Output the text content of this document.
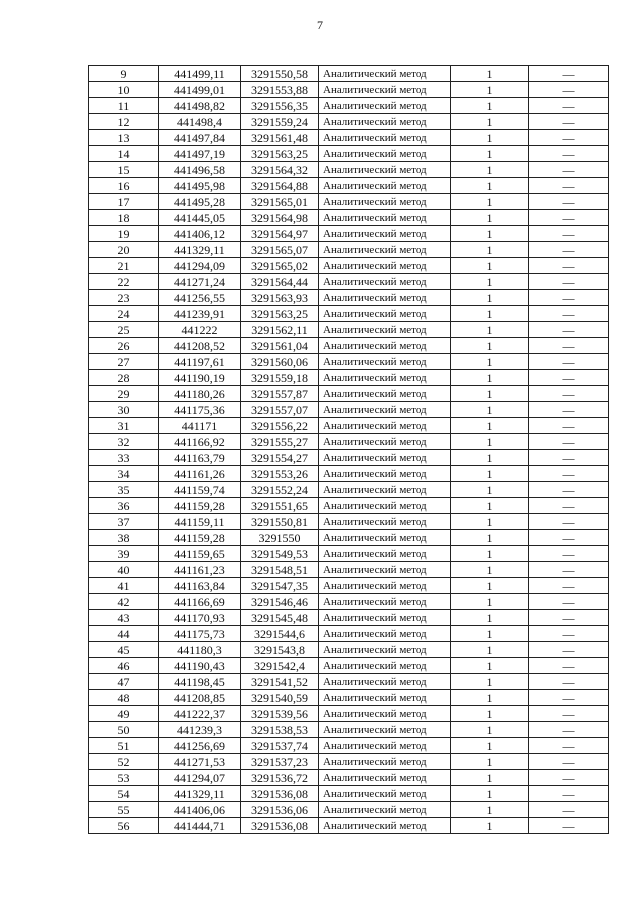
7
9	441499,11	3291550,58	Аналитический метод	1	—
10	441499,01	3291553,88	Аналитический метод	1	—
11	441498,82	3291556,35	Аналитический метод	1	—
12	441498,4	3291559,24	Аналитический метод	1	—
13	441497,84	3291561,48	Аналитический метод	1	—
14	441497,19	3291563,25	Аналитический метод	1	—
15	441496,58	3291564,32	Аналитический метод	1	—
16	441495,98	3291564,88	Аналитический метод	1	—
17	441495,28	3291565,01	Аналитический метод	1	—
18	441445,05	3291564,98	Аналитический метод	1	—
19	441406,12	3291564,97	Аналитический метод	1	—
20	441329,11	3291565,07	Аналитический метод	1	—
21	441294,09	3291565,02	Аналитический метод	1	—
22	441271,24	3291564,44	Аналитический метод	1	—
23	441256,55	3291563,93	Аналитический метод	1	—
24	441239,91	3291563,25	Аналитический метод	1	—
25	441222	3291562,11	Аналитический метод	1	—
26	441208,52	3291561,04	Аналитический метод	1	—
27	441197,61	3291560,06	Аналитический метод	1	—
28	441190,19	3291559,18	Аналитический метод	1	—
29	441180,26	3291557,87	Аналитический метод	1	—
30	441175,36	3291557,07	Аналитический метод	1	—
31	441171	3291556,22	Аналитический метод	1	—
32	441166,92	3291555,27	Аналитический метод	1	—
33	441163,79	3291554,27	Аналитический метод	1	—
34	441161,26	3291553,26	Аналитический метод	1	—
35	441159,74	3291552,24	Аналитический метод	1	—
36	441159,28	3291551,65	Аналитический метод	1	—
37	441159,11	3291550,81	Аналитический метод	1	—
38	441159,28	3291550	Аналитический метод	1	—
39	441159,65	3291549,53	Аналитический метод	1	—
40	441161,23	3291548,51	Аналитический метод	1	—
41	441163,84	3291547,35	Аналитический метод	1	—
42	441166,69	3291546,46	Аналитический метод	1	—
43	441170,93	3291545,48	Аналитический метод	1	—
44	441175,73	3291544,6	Аналитический метод	1	—
45	441180,3	3291543,8	Аналитический метод	1	—
46	441190,43	3291542,4	Аналитический метод	1	—
47	441198,45	3291541,52	Аналитический метод	1	—
48	441208,85	3291540,59	Аналитический метод	1	—
49	441222,37	3291539,56	Аналитический метод	1	—
50	441239,3	3291538,53	Аналитический метод	1	—
51	441256,69	3291537,74	Аналитический метод	1	—
52	441271,53	3291537,23	Аналитический метод	1	—
53	441294,07	3291536,72	Аналитический метод	1	—
54	441329,11	3291536,08	Аналитический метод	1	—
55	441406,06	3291536,06	Аналитический метод	1	—
56	441444,71	3291536,08	Аналитический метод	1	—
